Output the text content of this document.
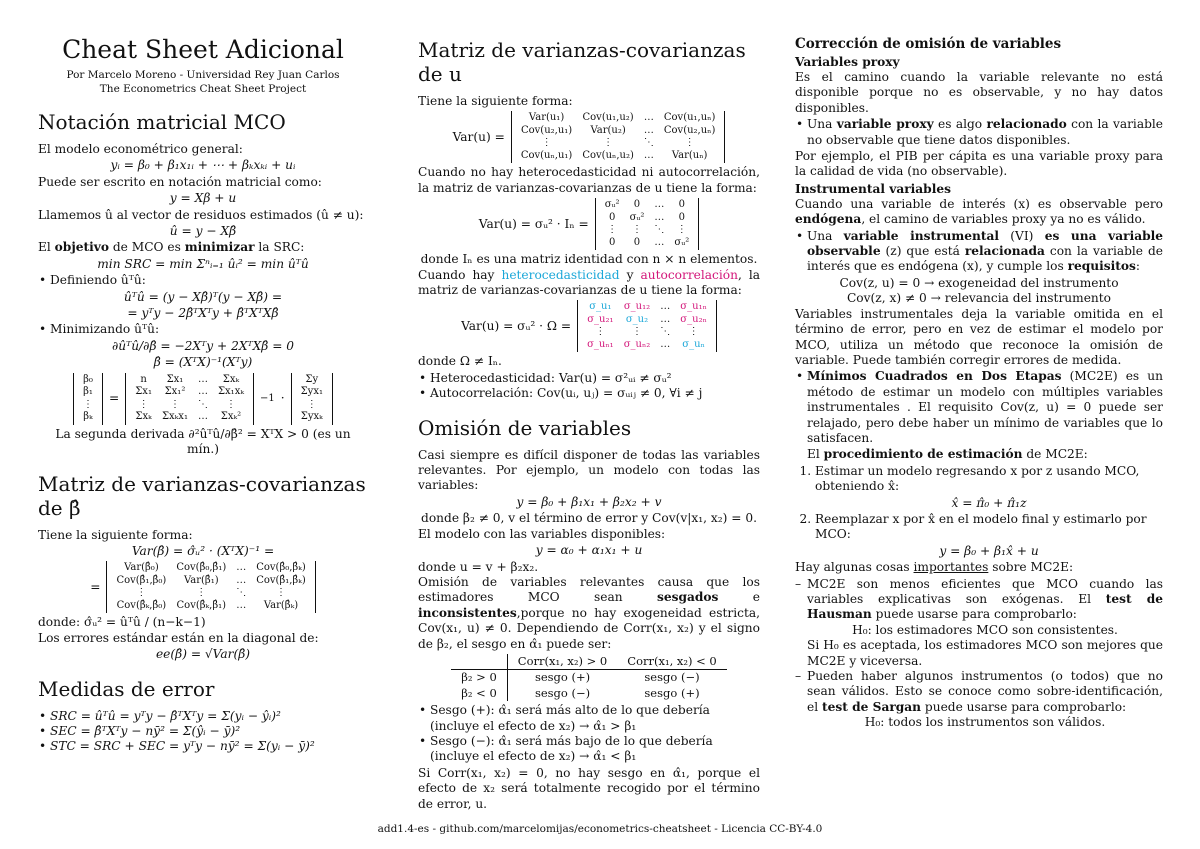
Cheat Sheet Adicional
Por Marcelo Moreno - Universidad Rey Juan Carlos
The Econometrics Cheat Sheet Project
Notación matricial MCO

El modelo econométrico general:

yᵢ = β₀ + β₁x₁ᵢ + ⋯ + βₖxₖᵢ + uᵢ

Puede ser escrito en notación matricial como:

y = Xβ + u

Llamemos û al vector de residuos estimados (û ≠ u):

û = y − Xβ̂

El objetivo de MCO es minimizar la SRC:

min SRC = min Σⁿᵢ₌₁ ûᵢ² = min ûᵀû

• Definiendo ûᵀû:

ûᵀû = (y − Xβ̂)ᵀ(y − Xβ̂) =

= yᵀy − 2β̂ᵀXᵀy + β̂ᵀXᵀXβ̂

• Minimizando ûᵀû:

∂ûᵀû/∂β̂ = −2Xᵀy + 2XᵀXβ̂ = 0

β̂ = (XᵀX)⁻¹(Xᵀy)

β₀
β₁
⋮
βₖ
=
n	Σx₁	…	Σxₖ
Σx₁	Σx₁²	…	Σx₁xₖ
⋮	⋮	⋱	⋮
Σxₖ	Σxₖx₁	…	Σxₖ²
−1 ·
Σy
Σyx₁
⋮
Σyxₖ

La segunda derivada ∂²ûᵀû/∂β̂² = XᵀX > 0 (es un mín.)

Matriz de varianzas-covarianzas de β̂

Tiene la siguiente forma:

Var(β̂) = σ̂ᵤ² · (XᵀX)⁻¹ =

=
Var(β̂₀)	Cov(β̂₀,β̂₁)	…	Cov(β̂₀,β̂ₖ)
Cov(β̂₁,β̂₀)	Var(β̂₁)	…	Cov(β̂₁,β̂ₖ)
⋮	⋮	⋱	⋮
Cov(β̂ₖ,β̂₀)	Cov(β̂ₖ,β̂₁)	…	Var(β̂ₖ)

donde: σ̂ᵤ² = ûᵀû / (n−k−1)

Los errores estándar están en la diagonal de:

ee(β̂) = √Var(β̂)

Medidas de error
• SRC = ûᵀû = yᵀy − β̂ᵀXᵀy = Σ(yᵢ − ŷᵢ)²
• SEC = β̂ᵀXᵀy − nȳ² = Σ(ŷᵢ − ȳ)²
• STC = SRC + SEC = yᵀy − nȳ² = Σ(yᵢ − ȳ)²
Matriz de varianzas-covarianzas de u

Tiene la siguiente forma:

Var(u) =
Var(u₁)	Cov(u₁,u₂)	…	Cov(u₁,uₙ)
Cov(u₂,u₁)	Var(u₂)	…	Cov(u₂,uₙ)
⋮	⋮	⋱	⋮
Cov(uₙ,u₁)	Cov(uₙ,u₂)	…	Var(uₙ)

Cuando no hay heterocedasticidad ni autocorrelación, la matriz de varianzas-covarianzas de u tiene la forma:

Var(u) = σᵤ² · Iₙ =
σᵤ²	0	…	0
0	σᵤ²	…	0
⋮	⋮	⋱	⋮
0	0	…	σᵤ²

donde Iₙ es una matriz identidad con n × n elementos.

Cuando hay heterocedasticidad y autocorrelación, la matriz de varianzas-covarianzas de u tiene la forma:

Var(u) = σᵤ² · Ω =
σ_u₁	σ_u₁₂	…	σ_u₁ₙ
σ_u₂₁	σ_u₂	…	σ_u₂ₙ
⋮	⋮	⋱	⋮
σ_uₙ₁	σ_uₙ₂	…	σ_uₙ

donde Ω ≠ Iₙ.

• Heterocedasticidad: Var(u) = σ²ᵤᵢ ≠ σᵤ²
• Autocorrelación: Cov(uᵢ, uⱼ) = σᵤᵢⱼ ≠ 0, ∀i ≠ j
Omisión de variables

Casi siempre es difícil disponer de todas las variables relevantes. Por ejemplo, un modelo con todas las variables:

y = β₀ + β₁x₁ + β₂x₂ + v

donde β₂ ≠ 0, v el término de error y Cov(v|x₁, x₂) = 0.

El modelo con las variables disponibles:

y = α₀ + α₁x₁ + u

donde u = v + β₂x₂.

Omisión de variables relevantes causa que los estimadores MCO sean sesgados e inconsistentes,porque no hay exogeneidad estricta, Cov(x₁, u) ≠ 0. Dependiendo de Corr(x₁, x₂) y el signo de β₂, el sesgo en α̂₁ puede ser:

	Corr(x₁, x₂) > 0	Corr(x₁, x₂) < 0
β₂ > 0	sesgo (+)	sesgo (−)
β₂ < 0	sesgo (−)	sesgo (+)
• Sesgo (+): α̂₁ será más alto de lo que debería (incluye el efecto de x₂) → α̂₁ > β₁
• Sesgo (−): α̂₁ será más bajo de lo que debería (incluye el efecto de x₂) → α̂₁ < β₁

Si Corr(x₁, x₂) = 0, no hay sesgo en α̂₁, porque el efecto de x₂ será totalmente recogido por el término de error, u.

Corrección de omisión de variables
Variables proxy

Es el camino cuando la variable relevante no está disponible porque no es observable, y no hay datos disponibles.

• Una variable proxy es algo relacionado con la variable no observable que tiene datos disponibles.

Por ejemplo, el PIB per cápita es una variable proxy para la calidad de vida (no observable).

Instrumental variables

Cuando una variable de interés (x) es observable pero endógena, el camino de variables proxy ya no es válido.

• Una variable instrumental (VI) es una variable observable (z) que está relacionada con la variable de interés que es endógena (x), y cumple los requisitos:

Cov(z, u) = 0 → exogeneidad del instrumento

Cov(z, x) ≠ 0 → relevancia del instrumento

Variables instrumentales deja la variable omitida en el término de error, pero en vez de estimar el modelo por MCO, utiliza un método que reconoce la omisión de variable. Puede también corregir errores de medida.

• Mínimos Cuadrados en Dos Etapas (MC2E) es un método de estimar un modelo con múltiples variables instrumentales . El requisito Cov(z, u) = 0 puede ser relajado, pero debe haber un mínimo de variables que lo satisfacen.

El procedimiento de estimación de MC2E:

1. Estimar un modelo regresando x por z usando MCO, obteniendo x̂:
x̂ = π̂₀ + π̂₁z
2. Reemplazar x por x̂ en el modelo final y estimarlo por MCO:
y = β₀ + β₁x̂ + u

Hay algunas cosas importantes sobre MC2E:

– MC2E son menos eficientes que MCO cuando las variables explicativas son exógenas. El test de Hausman puede usarse para comprobarlo:
H₀: los estimadores MCO son consistentes.
Si H₀ es aceptada, los estimadores MCO son mejores que MC2E y viceversa.
– Pueden haber algunos instrumentos (o todos) que no sean válidos. Esto se conoce como sobre-identificación, el test de Sargan puede usarse para comprobarlo:
H₀: todos los instrumentos son válidos.
add1.4-es - github.com/marcelomijas/econometrics-cheatsheet - Licencia CC-BY-4.0
